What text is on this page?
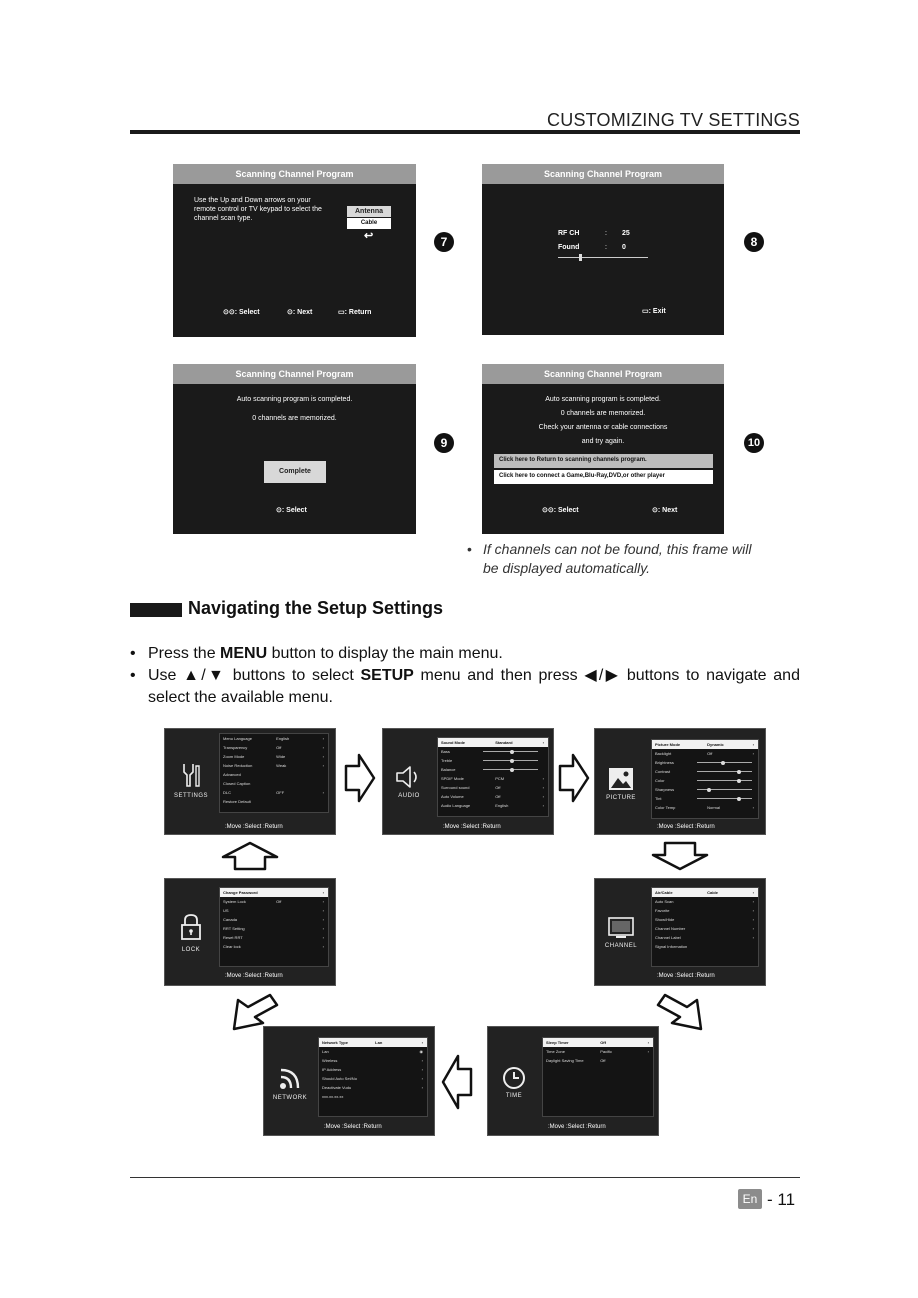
CUSTOMIZING TV SETTINGS
Scanning Channel Program
Use the Up and Down arrows on your remote control or TV keypad to select the channel scan type.
Antenna
Cable
↩
⊙⊙: Select	⊙: Next	▭: Return
Scanning Channel Program
RF CH	: 25
Found	: 0
▭: Exit
Scanning Channel Program
Auto scanning program is completed.
0 channels are memorized.
Complete
⊙: Select
Scanning Channel Program
Auto scanning program is completed.
0 channels are memorized.
Check your antenna or cable connections
and try again.
Click here to Return to scanning channels program.
Click here to connect a Game,Blu-Ray,DVD,or other player
⊙⊙: Select	⊙: Next
7	8
9	10
• If channels can not be found, this frame will be displayed automatically.
Navigating the Setup Settings
• Press the MENU button to display the main menu.
• Use ▲/▼ buttons to select SETUP menu and then press ◀/▶ buttons to navigate and select the available menu.
SETTINGS
Menu Language	English	›
Transparency	Off	›
Zoom Mode	Wide	›
Noise Reduction	Weak	›
Advanced
Closed Caption
DLC	OFF	›
Restore Default
:Move :Select :Return
AUDIO
Sound Mode	Standard	›
Bass
Treble
Balance
SPDIF Mode	PCM	›
Surround sound	Off	›
Auto Volume	Off	›
Audio Language	English	›
:Move :Select :Return
PICTURE
Picture Mode	Dynamic	›
Backlight	Off	›
Brightness
Contrast
Color
Sharpness
Tint
Color Temp	Normal	›
:Move :Select :Return
LOCK
Change Password	›
System Lock	Off	›
US	›
Canada	›
RRT Setting	›
Reset RRT	›
Clear lock	›
:Move :Select :Return
CHANNEL
Air/Cable	Cable	›
Auto Scan	›
Favorite	›
Show/Hide	›
Channel Number	›
Channel Label	›
Signal Information
:Move :Select :Return
NETWORK
Network Type	Lan	›
Lan	◉
Wireless	›
IP Address	›
Should Auto Set/No	›
Deactivate Vudu	›
xxx.xx.xx.xx
:Move :Select :Return
TIME
Sleep Timer	Off	›
Time Zone	Pacific	›
Daylight Saving Time	Off
:Move :Select :Return
En - 11
